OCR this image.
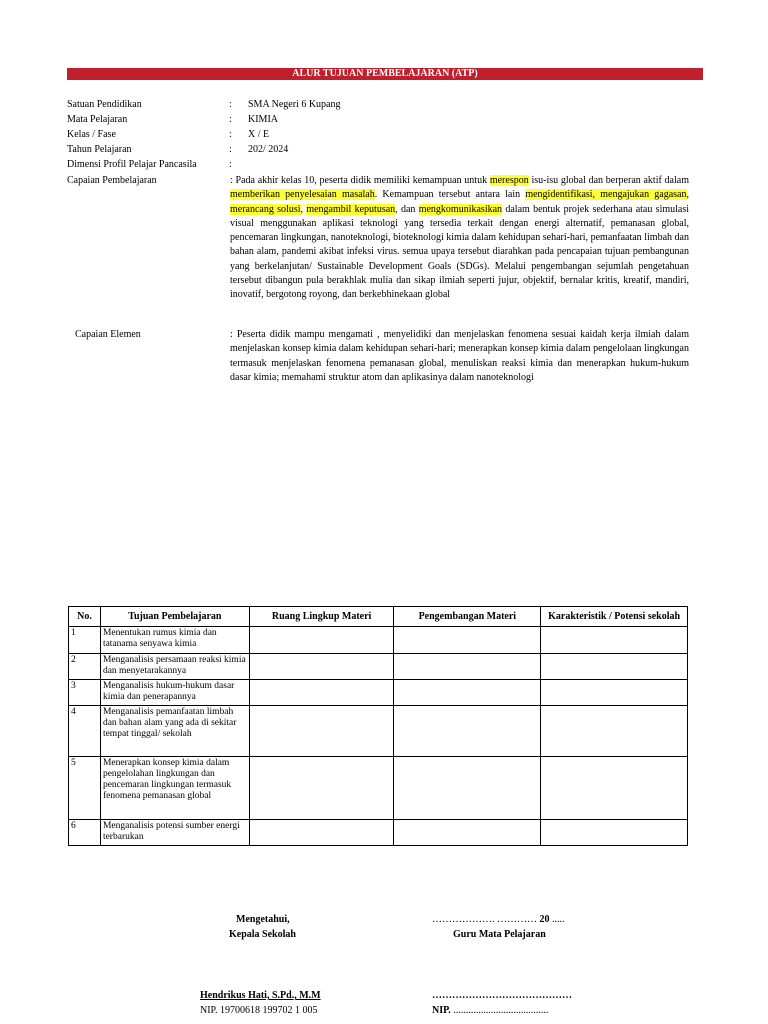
ALUR TUJUAN PEMBELAJARAN (ATP)
Satuan Pendidikan	: SMA Negeri 6 Kupang
Mata Pelajaran	: KIMIA
Kelas / Fase	: X / E
Tahun Pelajaran	: 202/ 2024
Dimensi Profil Pelajar Pancasila	:
Capaian Pembelajaran	: Pada akhir kelas 10, peserta didik memiliki kemampuan untuk merespon isu-isu global dan berperan aktif dalam memberikan penyelesaian masalah. Kemampuan tersebut antara lain mengidentifikasi, mengajukan gagasan, merancang solusi, mengambil keputusan, dan mengkomunikasikan dalam bentuk projek sederhana atau simulasi visual menggunakan aplikasi teknologi yang tersedia terkait dengan energi alternatif, pemanasan global, pencemaran lingkungan, nanoteknologi, bioteknologi kimia dalam kehidupan sehari-hari, pemanfaatan limbah dan bahan alam, pandemi akibat infeksi virus. semua upaya tersebut diarahkan pada pencapaian tujuan pembangunan yang berkelanjutan/ Sustainable Development Goals (SDGs). Melalui pengembangan sejumlah pengetahuan tersebut dibangun pula berakhlak mulia dan sikap ilmiah seperti jujur, objektif, bernalar kritis, kreatif, mandiri, inovatif, bergotong royong, dan berkebhinekaan global
Capaian Elemen	: Peserta didik mampu mengamati , menyelidiki dan menjelaskan fenomena sesuai kaidah kerja ilmiah dalam menjelaskan konsep kimia dalam kehidupan sehari-hari; menerapkan konsep kimia dalam pengelolaan lingkungan termasuk menjelaskan fenomena pemanasan global, menuliskan reaksi kimia dan menerapkan hukum-hukum dasar kimia; memahami struktur atom dan aplikasinya dalam nanoteknologi
No.	Tujuan Pembelajaran	Ruang Lingkup Materi	Pengembangan Materi	Karakteristik / Potensi sekolah
1	Menentukan rumus kimia dan tatanama senyawa kimia			
2	Menganalisis persamaan reaksi kimia dan menyetarakannya			
3	Menganalisis hukum-hukum dasar kimia dan penerapannya			
4	Menganalisis pemanfaatan limbah dan bahan alam yang ada di sekitar tempat tinggal/ sekolah			
5	Menerapkan konsep kimia dalam pengelolahan lingkungan dan pencemaran lingkungan termasuk fenomena pemanasan global			
6	Menganalisis potensi sumber energi terbarukan			
Mengetahui,
Kepala Sekolah
Hendrikus Hati, S.Pd., M.M
NIP. 19700618 199702 1 005
………………. ………… 20 .....
Guru Mata Pelajaran
……………………………………
NIP. ......................................
